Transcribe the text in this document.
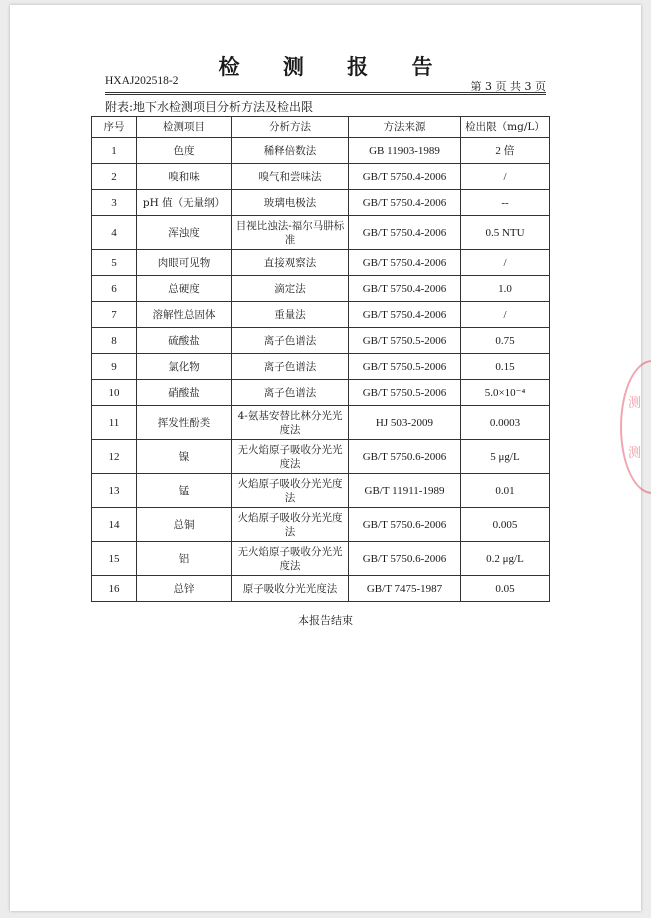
检 测 报 告
HXAJ202518-2	第 3 页 共 3 页
附表:地下水检测项目分析方法及检出限
序号	检测项目	分析方法	方法来源	检出限（mg/L）
1	色度	稀释倍数法	GB 11903-1989	2 倍
2	嗅和味	嗅气和尝味法	GB/T 5750.4-2006	/
3	pH 值（无量纲）	玻璃电极法	GB/T 5750.4-2006	--
4	浑浊度	目视比浊法-福尔马肼标准	GB/T 5750.4-2006	0.5 NTU
5	肉眼可见物	直接观察法	GB/T 5750.4-2006	/
6	总硬度	滴定法	GB/T 5750.4-2006	1.0
7	溶解性总固体	重量法	GB/T 5750.4-2006	/
8	硫酸盐	离子色谱法	GB/T 5750.5-2006	0.75
9	氯化物	离子色谱法	GB/T 5750.5-2006	0.15
10	硝酸盐	离子色谱法	GB/T 5750.5-2006	5.0×10⁻⁴
11	挥发性酚类	4-氨基安替比林分光光度法	HJ 503-2009	0.0003
12	镍	无火焰原子吸收分光光度法	GB/T 5750.6-2006	5 μg/L
13	锰	火焰原子吸收分光光度法	GB/T 11911-1989	0.01
14	总铜	火焰原子吸收分光光度法	GB/T 5750.6-2006	0.005
15	铝	无火焰原子吸收分光光度法	GB/T 5750.6-2006	0.2 μg/L
16	总锌	原子吸收分光光度法	GB/T 7475-1987	0.05
本报告结束
测
测
